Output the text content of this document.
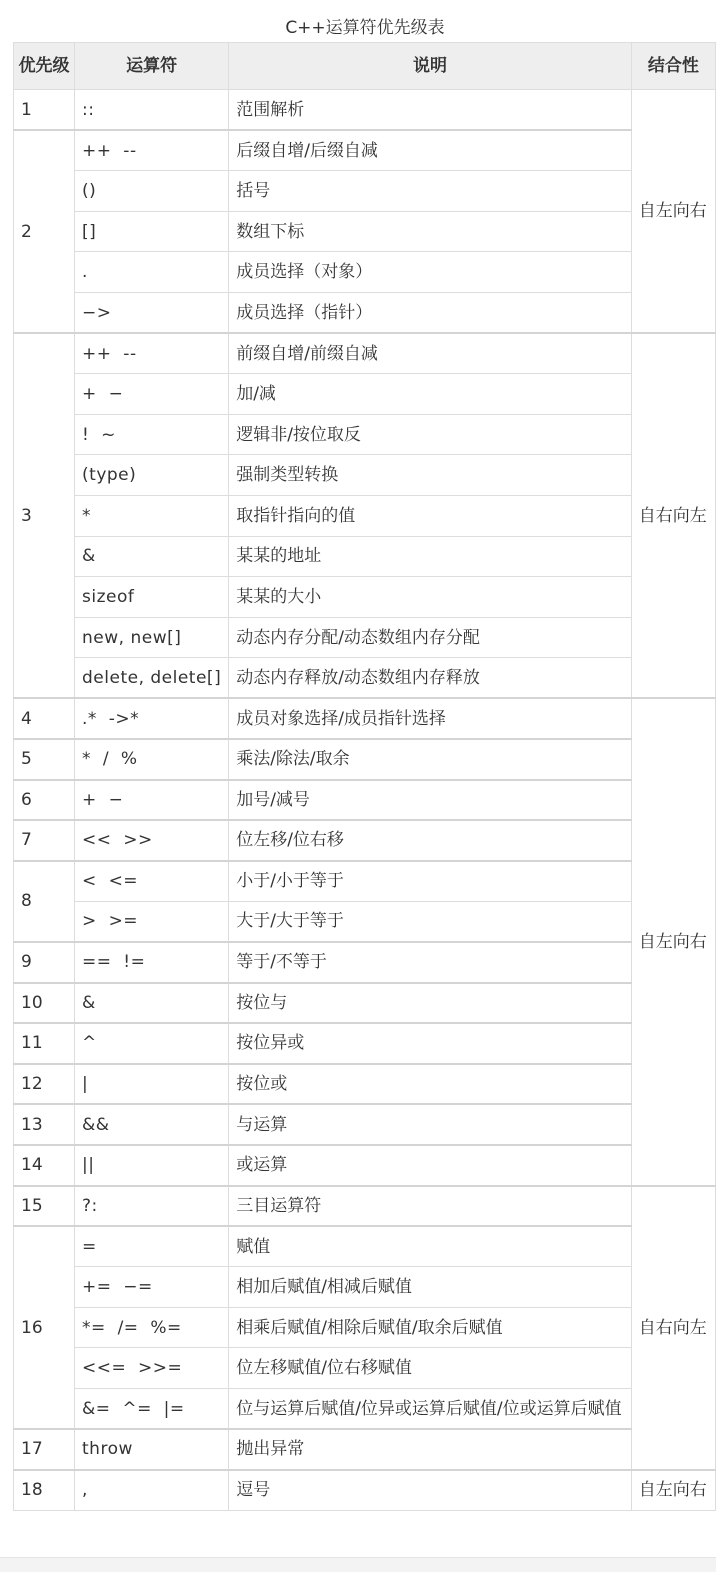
C++运算符优先级表
优先级	运算符	说明	结合性
1	::	范围解析	自左向右
2	++  --	后缀自增/后缀自减	
	()	括号	
	[]	数组下标	
	.	成员选择（对象）	
	−>	成员选择（指针）	
3	++  --	前缀自增/前缀自减	自右向左
	+  −	加/减	
	!  ~	逻辑非/按位取反	
	(type)	强制类型转换	
	*	取指针指向的值	
	&	某某的地址	
	sizeof	某某的大小	
	new, new[]	动态内存分配/动态数组内存分配	
	delete, delete[]	动态内存释放/动态数组内存释放	
4	.*  ->*	成员对象选择/成员指针选择	自左向右
5	*  /  %	乘法/除法/取余	
6	+  −	加号/减号	
7	<<  >>	位左移/位右移	
8	<  <=	小于/小于等于	
	>  >=	大于/大于等于	
9	==  !=	等于/不等于	
10	&	按位与	
11	^	按位异或	
12	|	按位或	
13	&&	与运算	
14	||	或运算	
15	?:	三目运算符	自右向左
16	=	赋值	
	+=  −=	相加后赋值/相减后赋值	
	*=  /=  %=	相乘后赋值/相除后赋值/取余后赋值	
	<<=  >>=	位左移赋值/位右移赋值	
	&=  ^=  |=	位与运算后赋值/位异或运算后赋值/位或运算后赋值	
17	throw	抛出异常	
18	,	逗号	自左向右
